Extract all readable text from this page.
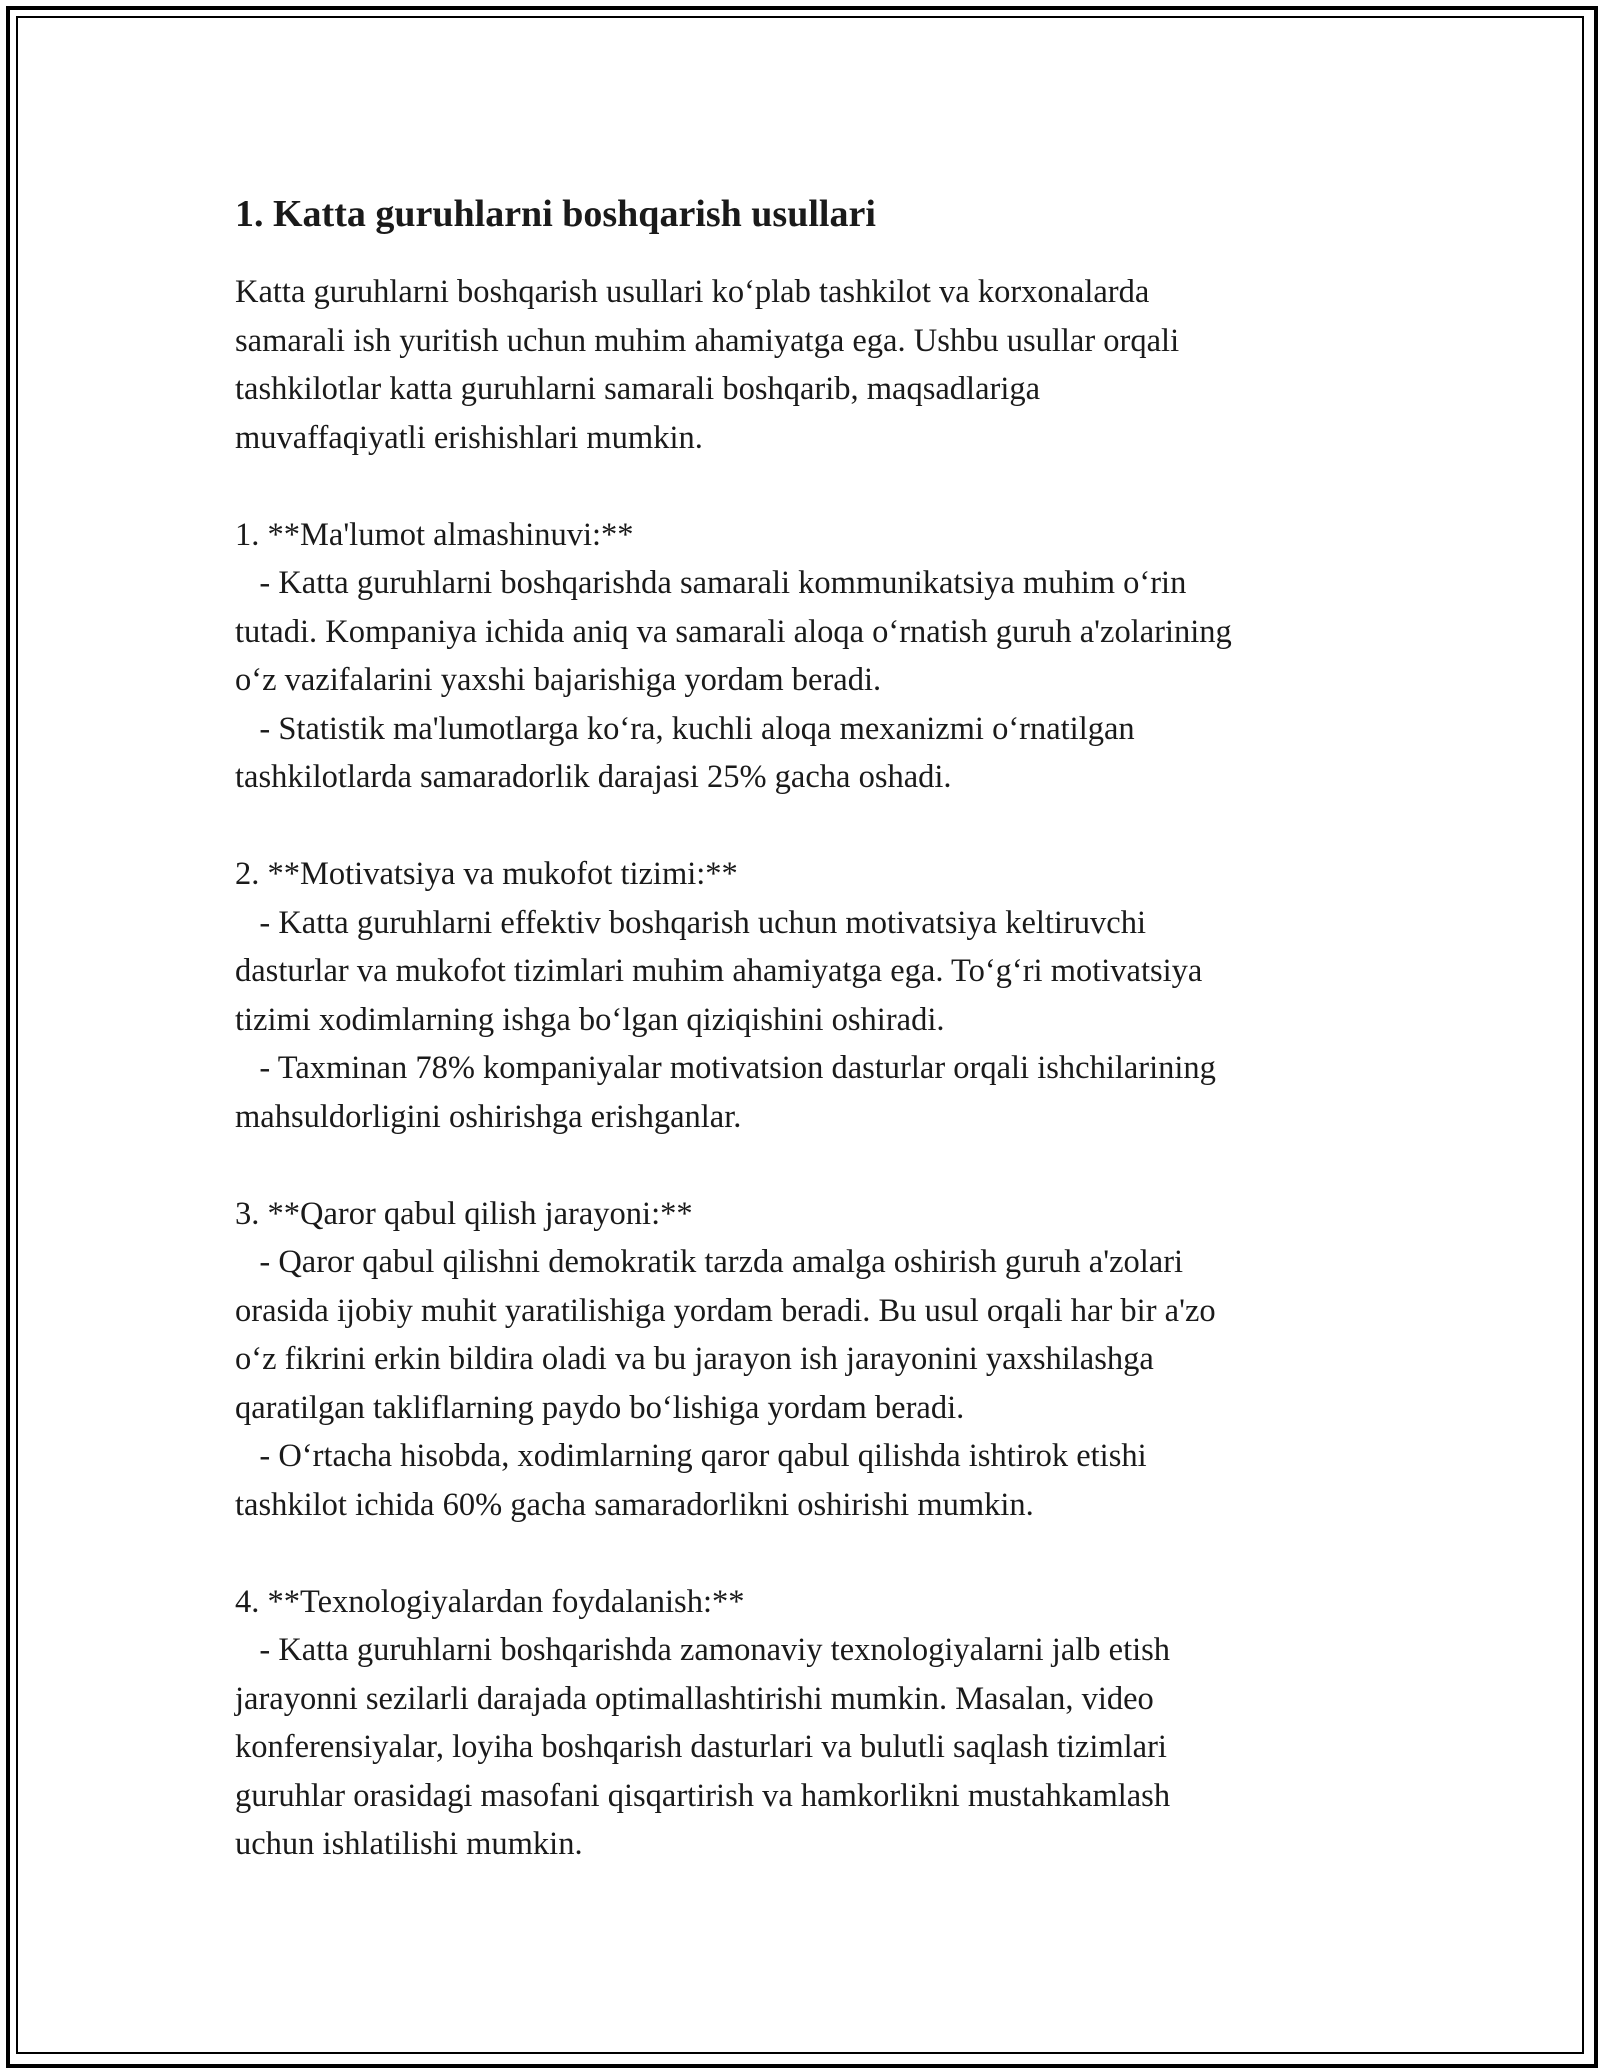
1. Katta guruhlarni boshqarish usullari

Katta guruhlarni boshqarish usullari ko‘plab tashkilot va korxonalarda
samarali ish yuritish uchun muhim ahamiyatga ega. Ushbu usullar orqali
tashkilotlar katta guruhlarni samarali boshqarib, maqsadlariga
muvaffaqiyatli erishishlari mumkin.

1. **Ma'lumot almashinuvi:**

- Katta guruhlarni boshqarishda samarali kommunikatsiya muhim o‘rin
tutadi. Kompaniya ichida aniq va samarali aloqa o‘rnatish guruh a'zolarining
o‘z vazifalarini yaxshi bajarishiga yordam beradi.
- Statistik ma'lumotlarga ko‘ra, kuchli aloqa mexanizmi o‘rnatilgan
tashkilotlarda samaradorlik darajasi 25% gacha oshadi.

2. **Motivatsiya va mukofot tizimi:**

- Katta guruhlarni effektiv boshqarish uchun motivatsiya keltiruvchi
dasturlar va mukofot tizimlari muhim ahamiyatga ega. To‘g‘ri motivatsiya
tizimi xodimlarning ishga bo‘lgan qiziqishini oshiradi.
- Taxminan 78% kompaniyalar motivatsion dasturlar orqali ishchilarining
mahsuldorligini oshirishga erishganlar.

3. **Qaror qabul qilish jarayoni:**

- Qaror qabul qilishni demokratik tarzda amalga oshirish guruh a'zolari
orasida ijobiy muhit yaratilishiga yordam beradi. Bu usul orqali har bir a'zo
o‘z fikrini erkin bildira oladi va bu jarayon ish jarayonini yaxshilashga
qaratilgan takliflarning paydo bo‘lishiga yordam beradi.
- O‘rtacha hisobda, xodimlarning qaror qabul qilishda ishtirok etishi
tashkilot ichida 60% gacha samaradorlikni oshirishi mumkin.

4. **Texnologiyalardan foydalanish:**

- Katta guruhlarni boshqarishda zamonaviy texnologiyalarni jalb etish
jarayonni sezilarli darajada optimallashtirishi mumkin. Masalan, video
konferensiyalar, loyiha boshqarish dasturlari va bulutli saqlash tizimlari
guruhlar orasidagi masofani qisqartirish va hamkorlikni mustahkamlash
uchun ishlatilishi mumkin.
